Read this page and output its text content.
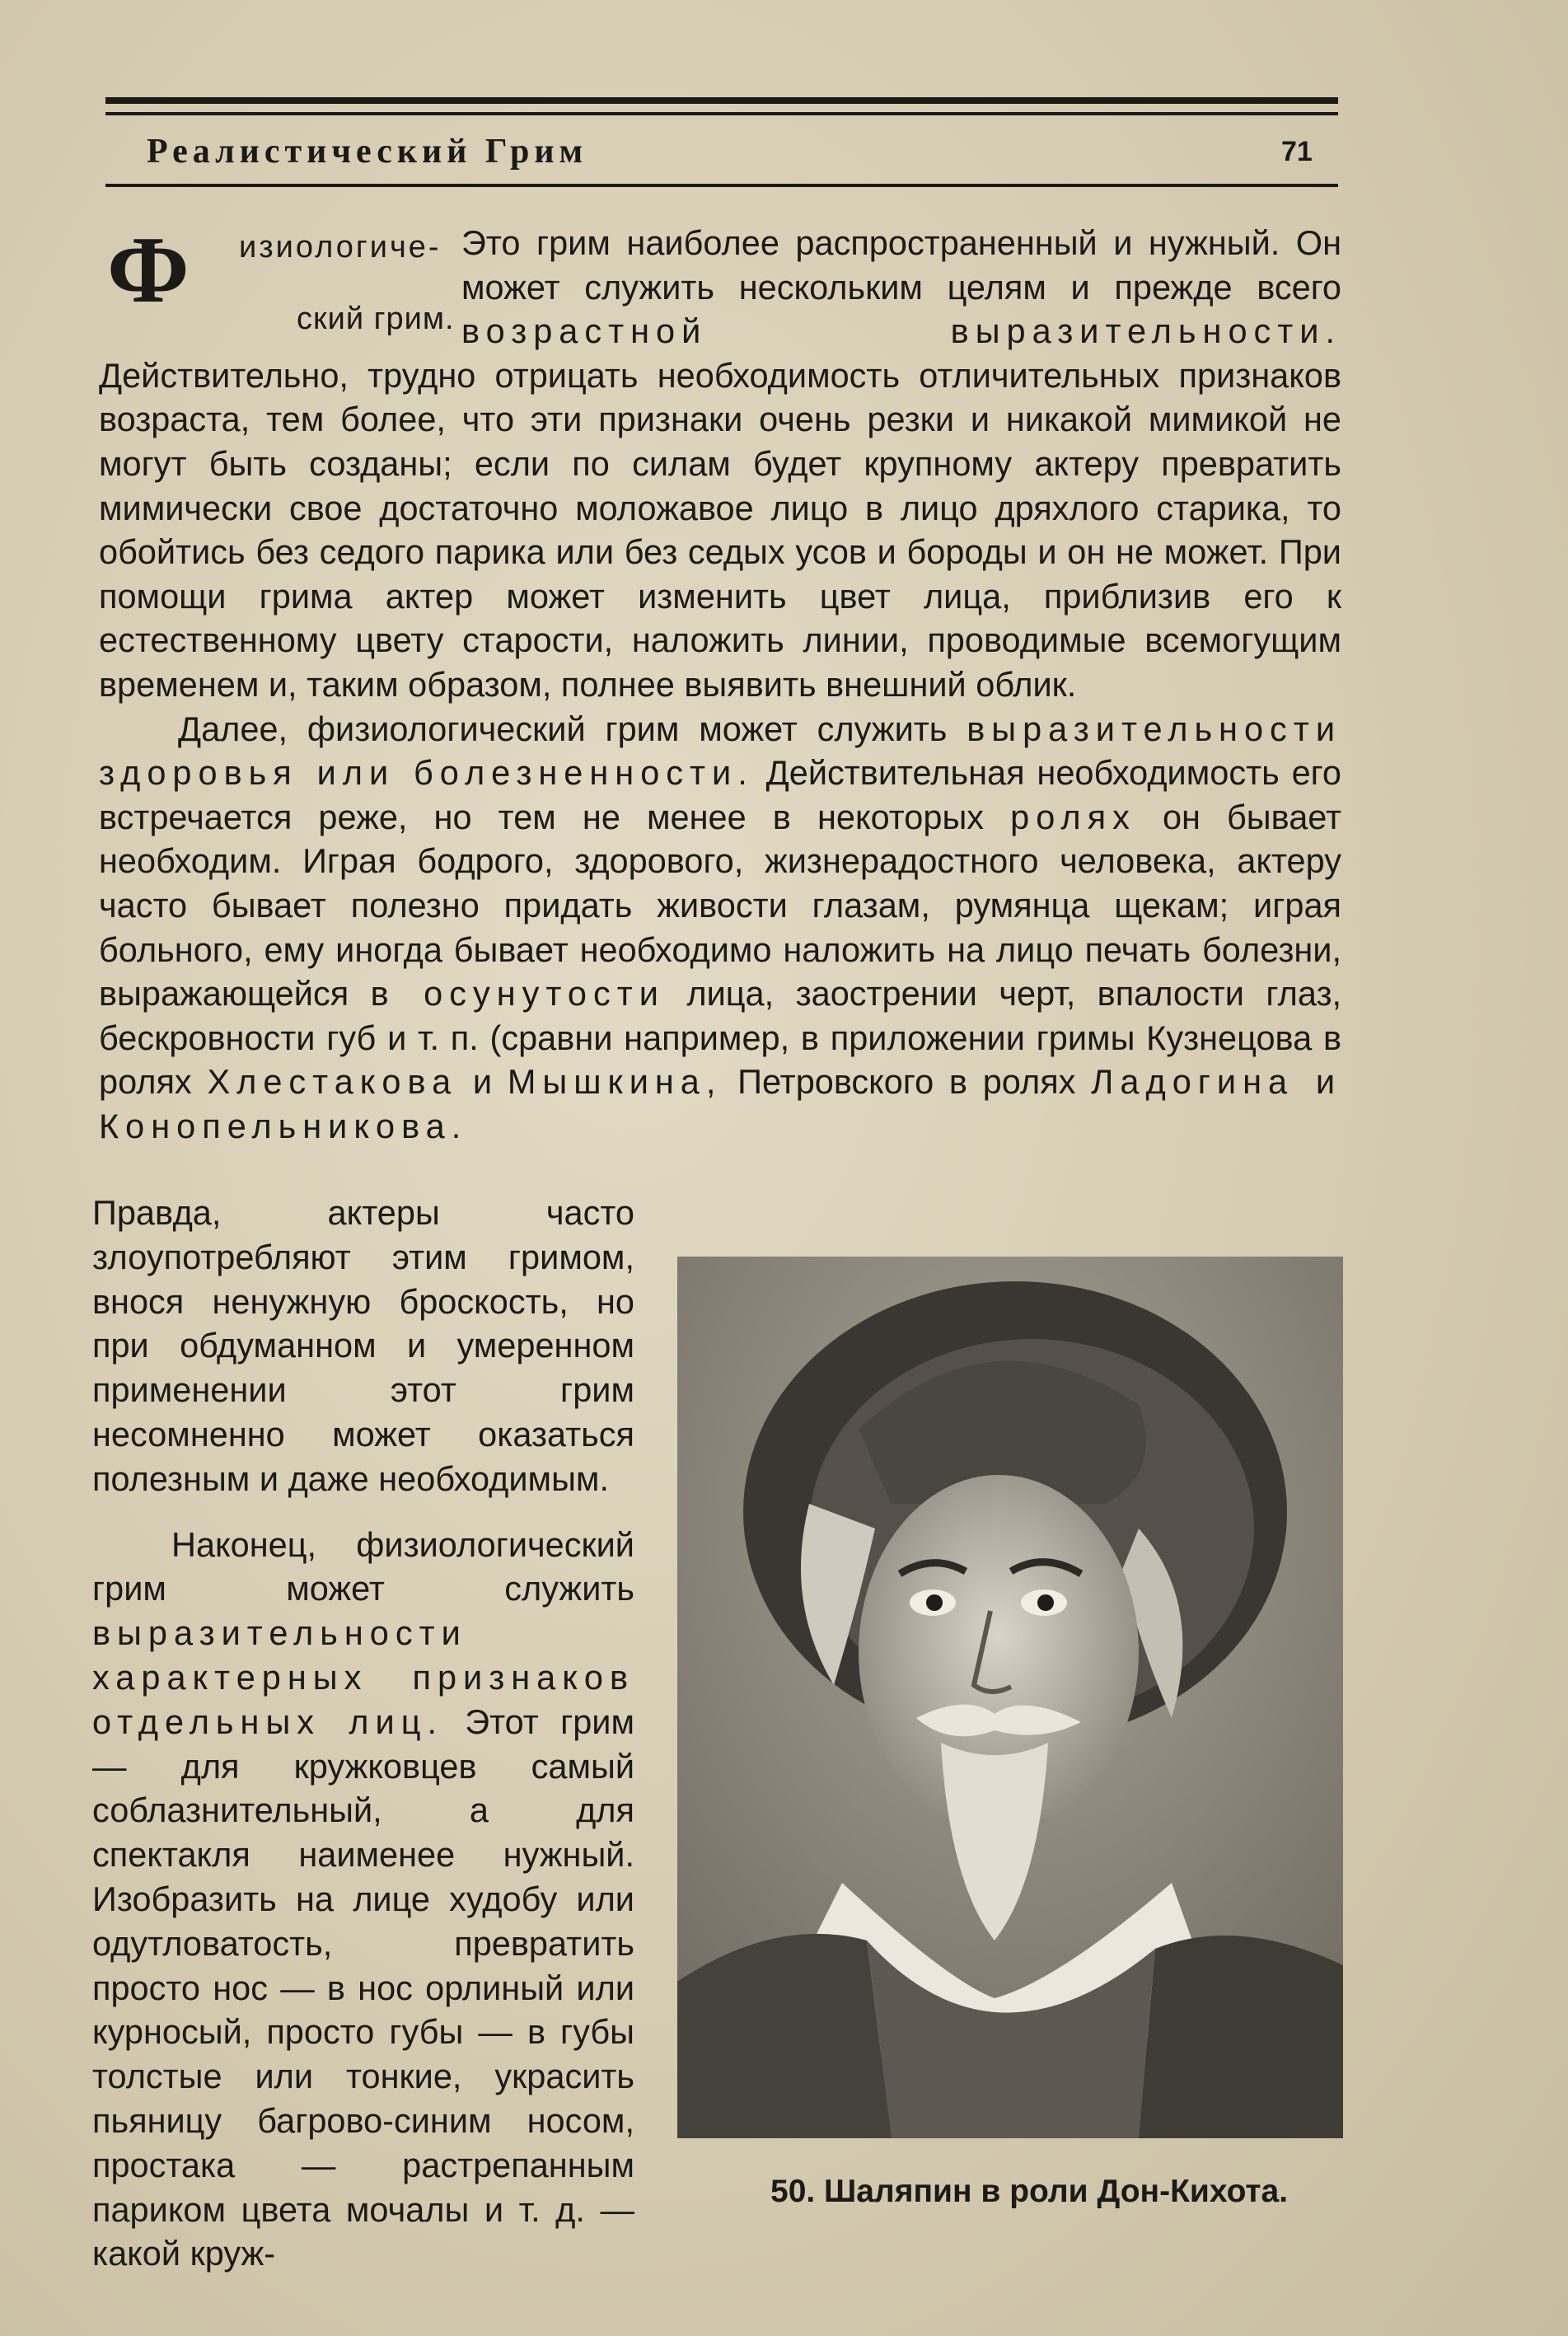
Реалистический Грим	71
Ф изиологиче-
ский грим.

Это грим наиболее распространенный и нужный. Он может служить нескольким целям и прежде всего возрастной выразительности. Действительно, трудно отрицать необходимость отличительных признаков возраста, тем более, что эти признаки очень резки и никакой мимикой не могут быть созданы; если по силам будет крупному актеру превратить мимически свое достаточно моложавое лицо в лицо дряхлого старика, то обойтись без седого парика или без седых усов и бороды и он не может. При помощи грима актер может изменить цвет лица, приблизив его к естественному цвету старости, наложить линии, проводимые всемогущим временем и, таким образом, полнее выявить внешний облик.

Далее, физиологический грим может служить выразительности здоровья или болезненности. Действительная необходимость его встречается реже, но тем не менее в некоторых ролях он бывает необходим. Играя бодрого, здорового, жизнерадостного человека, актеру часто бывает полезно придать живости глазам, румянца щекам; играя больного, ему иногда бывает необходимо наложить на лицо печать болезни, выражающейся в осунутости лица, заострении черт, впалости глаз, бескровности губ и т. п. (сравни например, в приложении гримы Кузнецова в ролях Хлестакова и Мышкина, Петровского в ролях Ладогина и Конопельникова.

Правда, актеры часто злоупотребляют этим гримом, внося ненужную броскость, но при обдуманном и умеренном применении этот грим несомненно может оказаться полезным и даже необходимым.

Наконец, физиологический грим может служить выразительности характерных признаков отдельных лиц. Этот грим — для кружковцев самый соблазнительный, а для спектакля наименее нужный. Изобразить на лице худобу или одутловатость, превратить просто нос — в нос орлиный или курносый, просто губы — в губы толстые или тонкие, украсить пьяницу багрово-синим носом, простака — растрепанным париком цвета мочалы и т. д. — какой круж-

50. Шаляпин в роли Дон-Кихота.
